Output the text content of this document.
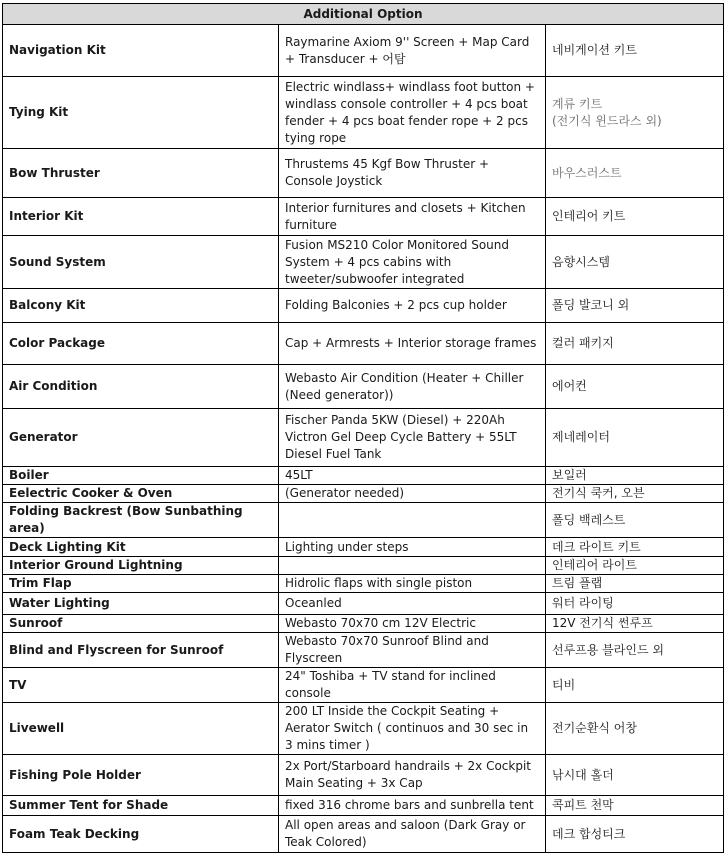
Additional Option		
Navigation Kit	Raymarine Axiom 9'' Screen + Map Card + Transducer + 어탐	네비게이션 키트
Tying Kit	Electric windlass+ windlass foot button + windlass console controller + 4 pcs boat fender + 4 pcs boat fender rope + 2 pcs tying rope	계류 키트
(전기식 윈드라스 외)
Bow Thruster	Thrustems 45 Kgf Bow Thruster + Console Joystick	바우스러스트
Interior Kit	Interior furnitures and closets + Kitchen furniture	인테리어 키트
Sound System	Fusion MS210 Color Monitored Sound System + 4 pcs cabins with tweeter/subwoofer integrated	음향시스템
Balcony Kit	Folding Balconies + 2 pcs cup holder	폴딩 발코니 외
Color Package	Cap + Armrests + Interior storage frames	컬러 패키지
Air Condition	Webasto Air Condition (Heater + Chiller (Need generator))	에어컨
Generator	Fischer Panda 5KW (Diesel) + 220Ah Victron Gel Deep Cycle Battery + 55LT Diesel Fuel Tank	제네레이터
Boiler	45LT	보일러
Eelectric Cooker & Oven	(Generator needed)	전기식 쿡커, 오븐
Folding Backrest (Bow Sunbathing area)		폴딩 백레스트
Deck Lighting Kit	Lighting under steps	데크 라이트 키트
Interior Ground Lightning		인테리어 라이트
Trim Flap	Hidrolic flaps with single piston	트림 플랩
Water Lighting	Oceanled	워터 라이팅
Sunroof	Webasto 70x70 cm 12V Electric	12V 전기식 썬루프
Blind and Flyscreen for Sunroof	Webasto 70x70 Sunroof Blind and Flyscreen	선루프용 블라인드 외
TV	24" Toshiba + TV stand for inclined console	티비
Livewell	200 LT Inside the Cockpit Seating + Aerator Switch ( continuos and 30 sec in 3 mins timer )	전기순환식 어창
Fishing Pole Holder	2x Port/Starboard handrails + 2x Cockpit Main Seating + 3x Cap	낚시대 홀더
Summer Tent for Shade	fixed 316 chrome bars and sunbrella tent	콕피트 천막
Foam Teak Decking	All open areas and saloon (Dark Gray or Teak Colored)	데크 합성티크
